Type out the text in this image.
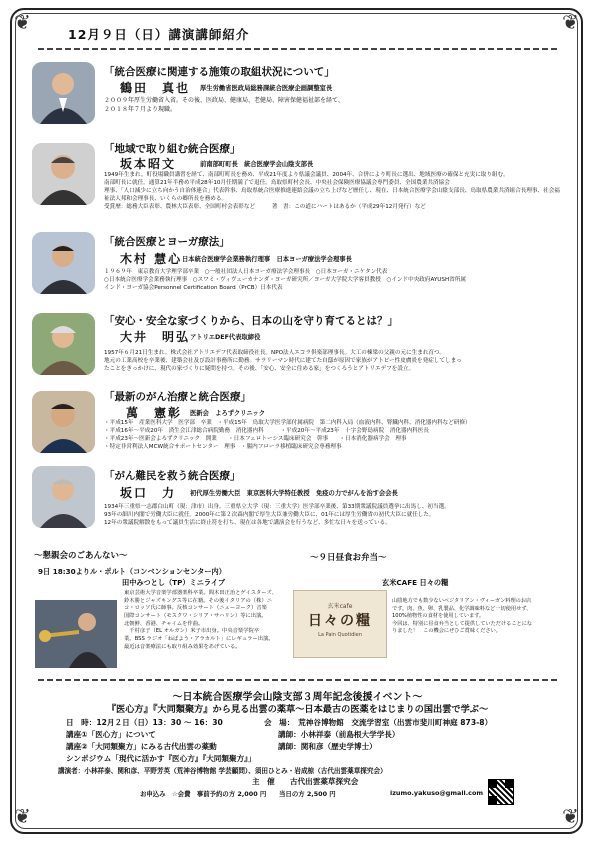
❦	❦
❦	❦
12月９日（日）講演講師紹介
「統合医療に関連する施策の取組状況について」
鶴田　真也 厚生労働省医政局総務課統合医療企画調整室長

２００９年厚生労働省入省。その後、医政局、健康局、老健局、障害保健福祉部を経て、

２０１８年７月より現職。

「地域で取り組む統合医療」
坂本昭文	前南部町町長　統合医療学会山陰支部長

1949年生まれ。町役場職員講習を経て、南部町町長を務め、平成21年度より県議会議員、2004年、合併により町長に選出、地域医療の確保と充実に取り組む。

南部町長に就任。通算21年半務め平成28年10月任期満了で退任。鳥取県町村会長、中央社会保険医療協議会専門委員、全国農業共済協会

理事、「人口減少に立ち向かう自治体連合」代表幹事、鳥取県統合医療推進連絡会議の立ち上げなど歴任し、現在、日本統合医療学会山陰支部長、鳥取県農業共済組合長理事、社会福

祉法人邦和会理事長、いくらの郷所長を務める。

受賞歴：総務大臣表彰、農林大臣表彰、全国町村会表彰など　　　著　書：この道にハートはあるか（平成29年12月発行）など

「統合医療とヨーガ療法」
木村 慧心 日本統合医療学会業務執行理事　日本ヨーガ療法学会理事長

１９６９年　東京教育大学理学部卒業　○一般社団法人日本ヨーガ療法学会理事長　○日本ヨーガ・ニケタン代表

○日本統合医療学会業務執行理事　○スワミ・ヴィヴェーカナンダ・ヨーガ研究所／ヨーガ大学院大学客員教授　○インド中央政府AYUSH省所属

インド・ヨーガ協会Personnel Certification Board（PrCB）日本代表

「安心・安全な家づくりから、日本の山を守り育てるとは？」
大井　明弘 アトリエDEF代表取締役

1957年６月21日生まれ。株式会社アトリエデフ代表取締役社長。NPO法人エコラ倶楽部理事長。大工の棟梁の父親の元に生まれ育つ。

地元の工業高校を卒業後、建築会社及び設計事務所に勤務。サラリーマン時代に建てた自邸が原因で家族がアトピー性皮膚炎を発症してしまっ

たことをきっかけに、現代の家づくりに疑問を持つ。その後、「安心、安全に住める家」をつくろうとアトリエデフを設立。

「最新のがん治療と統合医療」
萬　憲彰 医新会　よろずクリニック

・平成15年　産業医科大学　医学部　卒業　・平成15年　鳥取大学医学部付属病院　第二内科入局（血液内科、腎臓内科、消化器内科など研修）

・平成16年～平成20年　済生会江津総合病院勤務　消化器内科　　　・平成20年～平成23年　十字会野島病院　消化器内科医長

・平成23年～医新会よろずクリニック　開業　　・日本フェロトーシス臨床研究会　幹事　　・日本消化器病学会　理事

・特定非営利法人MCW統合サポートセンター　理事　・腸内フローラ移植臨床研究会専務理事

「がん難民を救う統合医療」
坂口　力 初代厚生労働大臣　東京医科大学特任教授　免疫の力でがんを治す会会長

1934年三重県一志郡白山町（現：津市）出身。三重県立大学（現：三重大学）医学部卒業後、第33期衆議院議員選挙に出馬し、初当選。

93年の細川内閣で労働大臣に就任。2000年に第２次森内閣で厚生大臣兼労働大臣に、01年には厚生労働省の初代大臣に就任した。

12年の衆議院解散をもって議員生活に終止符を打ち、現在は各地で講演会を行うなど、多忙な日々を送っている。

～懇親会のごあんない～	～９日昼食お弁当～
9日 18:30よりル・ポルト（コンベンションセンター内）
田中みつとし（TP）ミニライブ	玄米CAFE 日々の糧

東京芸術大学音楽学部器楽科卒業。間木田正治とゲイスターズ、

鈴木勝とジャズキングス等に在籍。その後イタリアの（株）ニ

コ・ロッソ氏に師事。反核コンサート（ニューヨーク）音楽

国際コンサート（モスクワ・シリア・サハリン）等に出演。

北朝鮮、香港、チャイムを作曲。

　千村彦子（EL オルガン）米子市出身。中央音楽学院卒

業。BSS ラジオ「ねばよう・アラカルト」にレギュラー出演。

最近は音楽療法にも取り組み効果をあげている。

玄米cafe
日々の糧
La Pain Quotidien

山陰地方でも数少ないベジタリアン・ヴィーガン料理のお店

です。肉、魚、卵、乳製品、化学調味料など一切使用せず、

100%植物性の食材を使用しています。

今回は、特別に昼食弁当として提供していただけることにな

りました！　この機会にぜひご賞味ください。

～日本統合医療学会山陰支部３周年記念後援イベント～
『医心方』『大同類聚方』から見る出雲の薬草～日本最古の医薬をはじまりの国出雲で学ぶ～
日　時：12月２日（日）13：30 ～ 16：30	会　場：　荒神谷博物館　交流学習室（出雲市斐川町神庭 873-8）
講座①「医心方」について	講師：小林祥泰（前島根大学学長）
講座②「大同類聚方」にみる古代出雲の薬動	講師：関和彦（歴史学博士）
シンポジウム「現代に活かす『医心方』『大同類聚方』」
講演者：小林祥泰、関和彦、平野芳英（荒神谷博物館 学芸顧問）、須田ひとみ・岩成椋（古代出雲薬草探究会）
主　催　　古代出雲薬草探究会
お申込み　☆会費　事前予約の方 2,000 円　　当日の方 2,500 円	izumo.yakuso@gmail.com
